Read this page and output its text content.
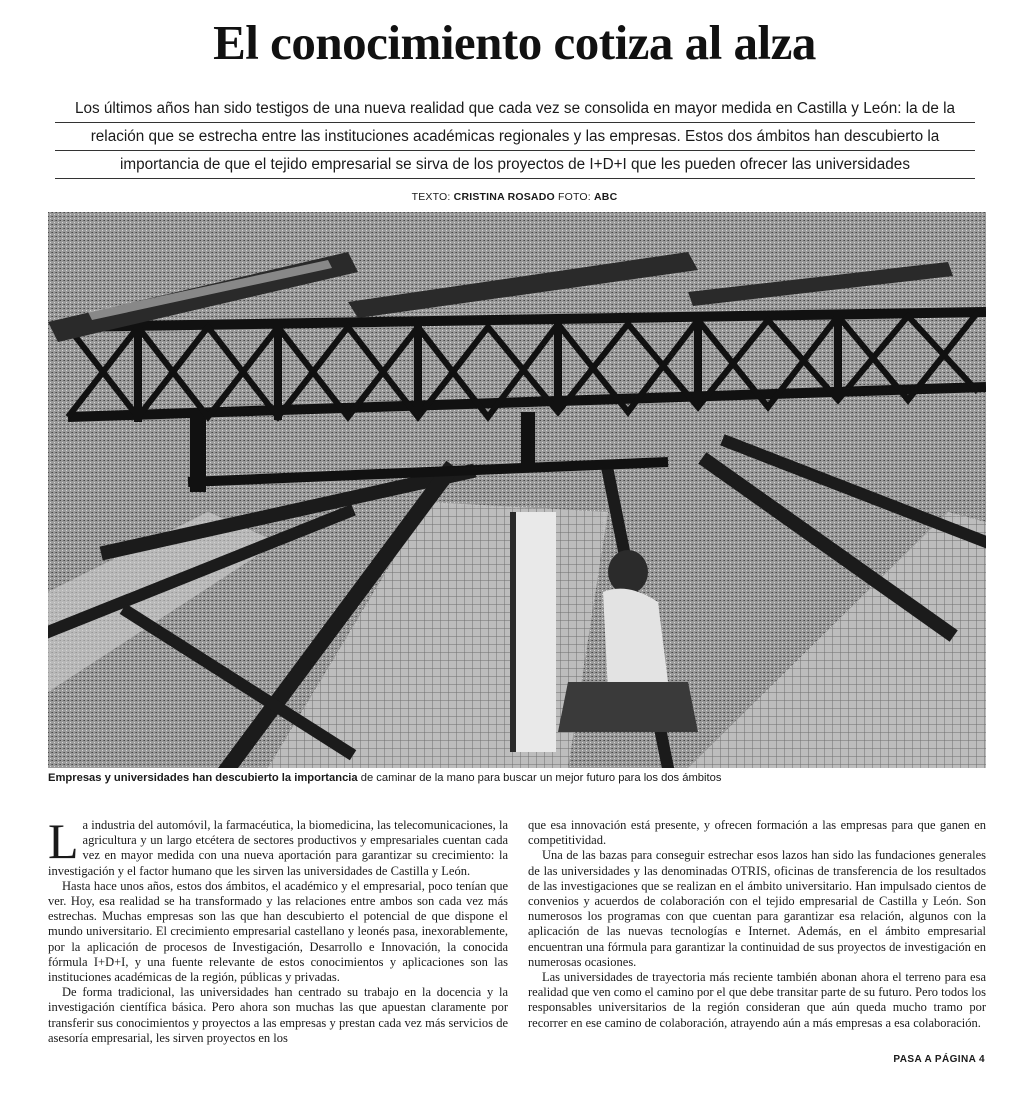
El conocimiento cotiza al alza

Los últimos años han sido testigos de una nueva realidad que cada vez se consolida en mayor medida en Castilla y León: la de la
relación que se estrecha entre las instituciones académicas regionales y las empresas. Estos dos ámbitos han descubierto la
importancia de que el tejido empresarial se sirva de los proyectos de I+D+I que les pueden ofrecer las universidades

TEXTO: CRISTINA ROSADO FOTO: ABC
Empresas y universidades han descubierto la importancia de caminar de la mano para buscar un mejor futuro para los dos ámbitos

La industria del automóvil, la farmacéutica, la biomedicina, las telecomunicaciones, la agricultura y un largo etcétera de sectores productivos y empresariales cuentan cada vez en mayor medida con una nueva aportación para garantizar su crecimiento: la investigación y el factor humano que les sirven las universidades de Castilla y León.

Hasta hace unos años, estos dos ámbitos, el académico y el empresarial, poco tenían que ver. Hoy, esa realidad se ha transformado y las relaciones entre ambos son cada vez más estrechas. Muchas empresas son las que han descubierto el potencial de que dispone el mundo universitario. El crecimiento empresarial castellano y leonés pasa, inexorablemente, por la aplicación de procesos de Investigación, Desarrollo e Innovación, la conocida fórmula I+D+I, y una fuente relevante de estos conocimientos y aplicaciones son las instituciones académicas de la región, públicas y privadas.

De forma tradicional, las universidades han centrado su trabajo en la docencia y la investigación científica básica. Pero ahora son muchas las que apuestan claramente por transferir sus conocimientos y proyectos a las empresas y prestan cada vez más servicios de asesoría empresarial, les sirven proyectos en los

que esa innovación está presente, y ofrecen formación a las empresas para que ganen en competitividad.

Una de las bazas para conseguir estrechar esos lazos han sido las fundaciones generales de las universidades y las denominadas OTRIS, oficinas de transferencia de los resultados de las investigaciones que se realizan en el ámbito universitario. Han impulsado cientos de convenios y acuerdos de colaboración con el tejido empresarial de Castilla y León. Son numerosos los programas con que cuentan para garantizar esa relación, algunos con la aplicación de las nuevas tecnologías e Internet. Además, en el ámbito empresarial encuentran una fórmula para garantizar la continuidad de sus proyectos de investigación en numerosas ocasiones.

Las universidades de trayectoria más reciente también abonan ahora el terreno para esa realidad que ven como el camino por el que debe transitar parte de su futuro. Pero todos los responsables universitarios de la región consideran que aún queda mucho tramo por recorrer en ese camino de colaboración, atrayendo aún a más empresas a esa colaboración.

PASA A PÁGINA 4
